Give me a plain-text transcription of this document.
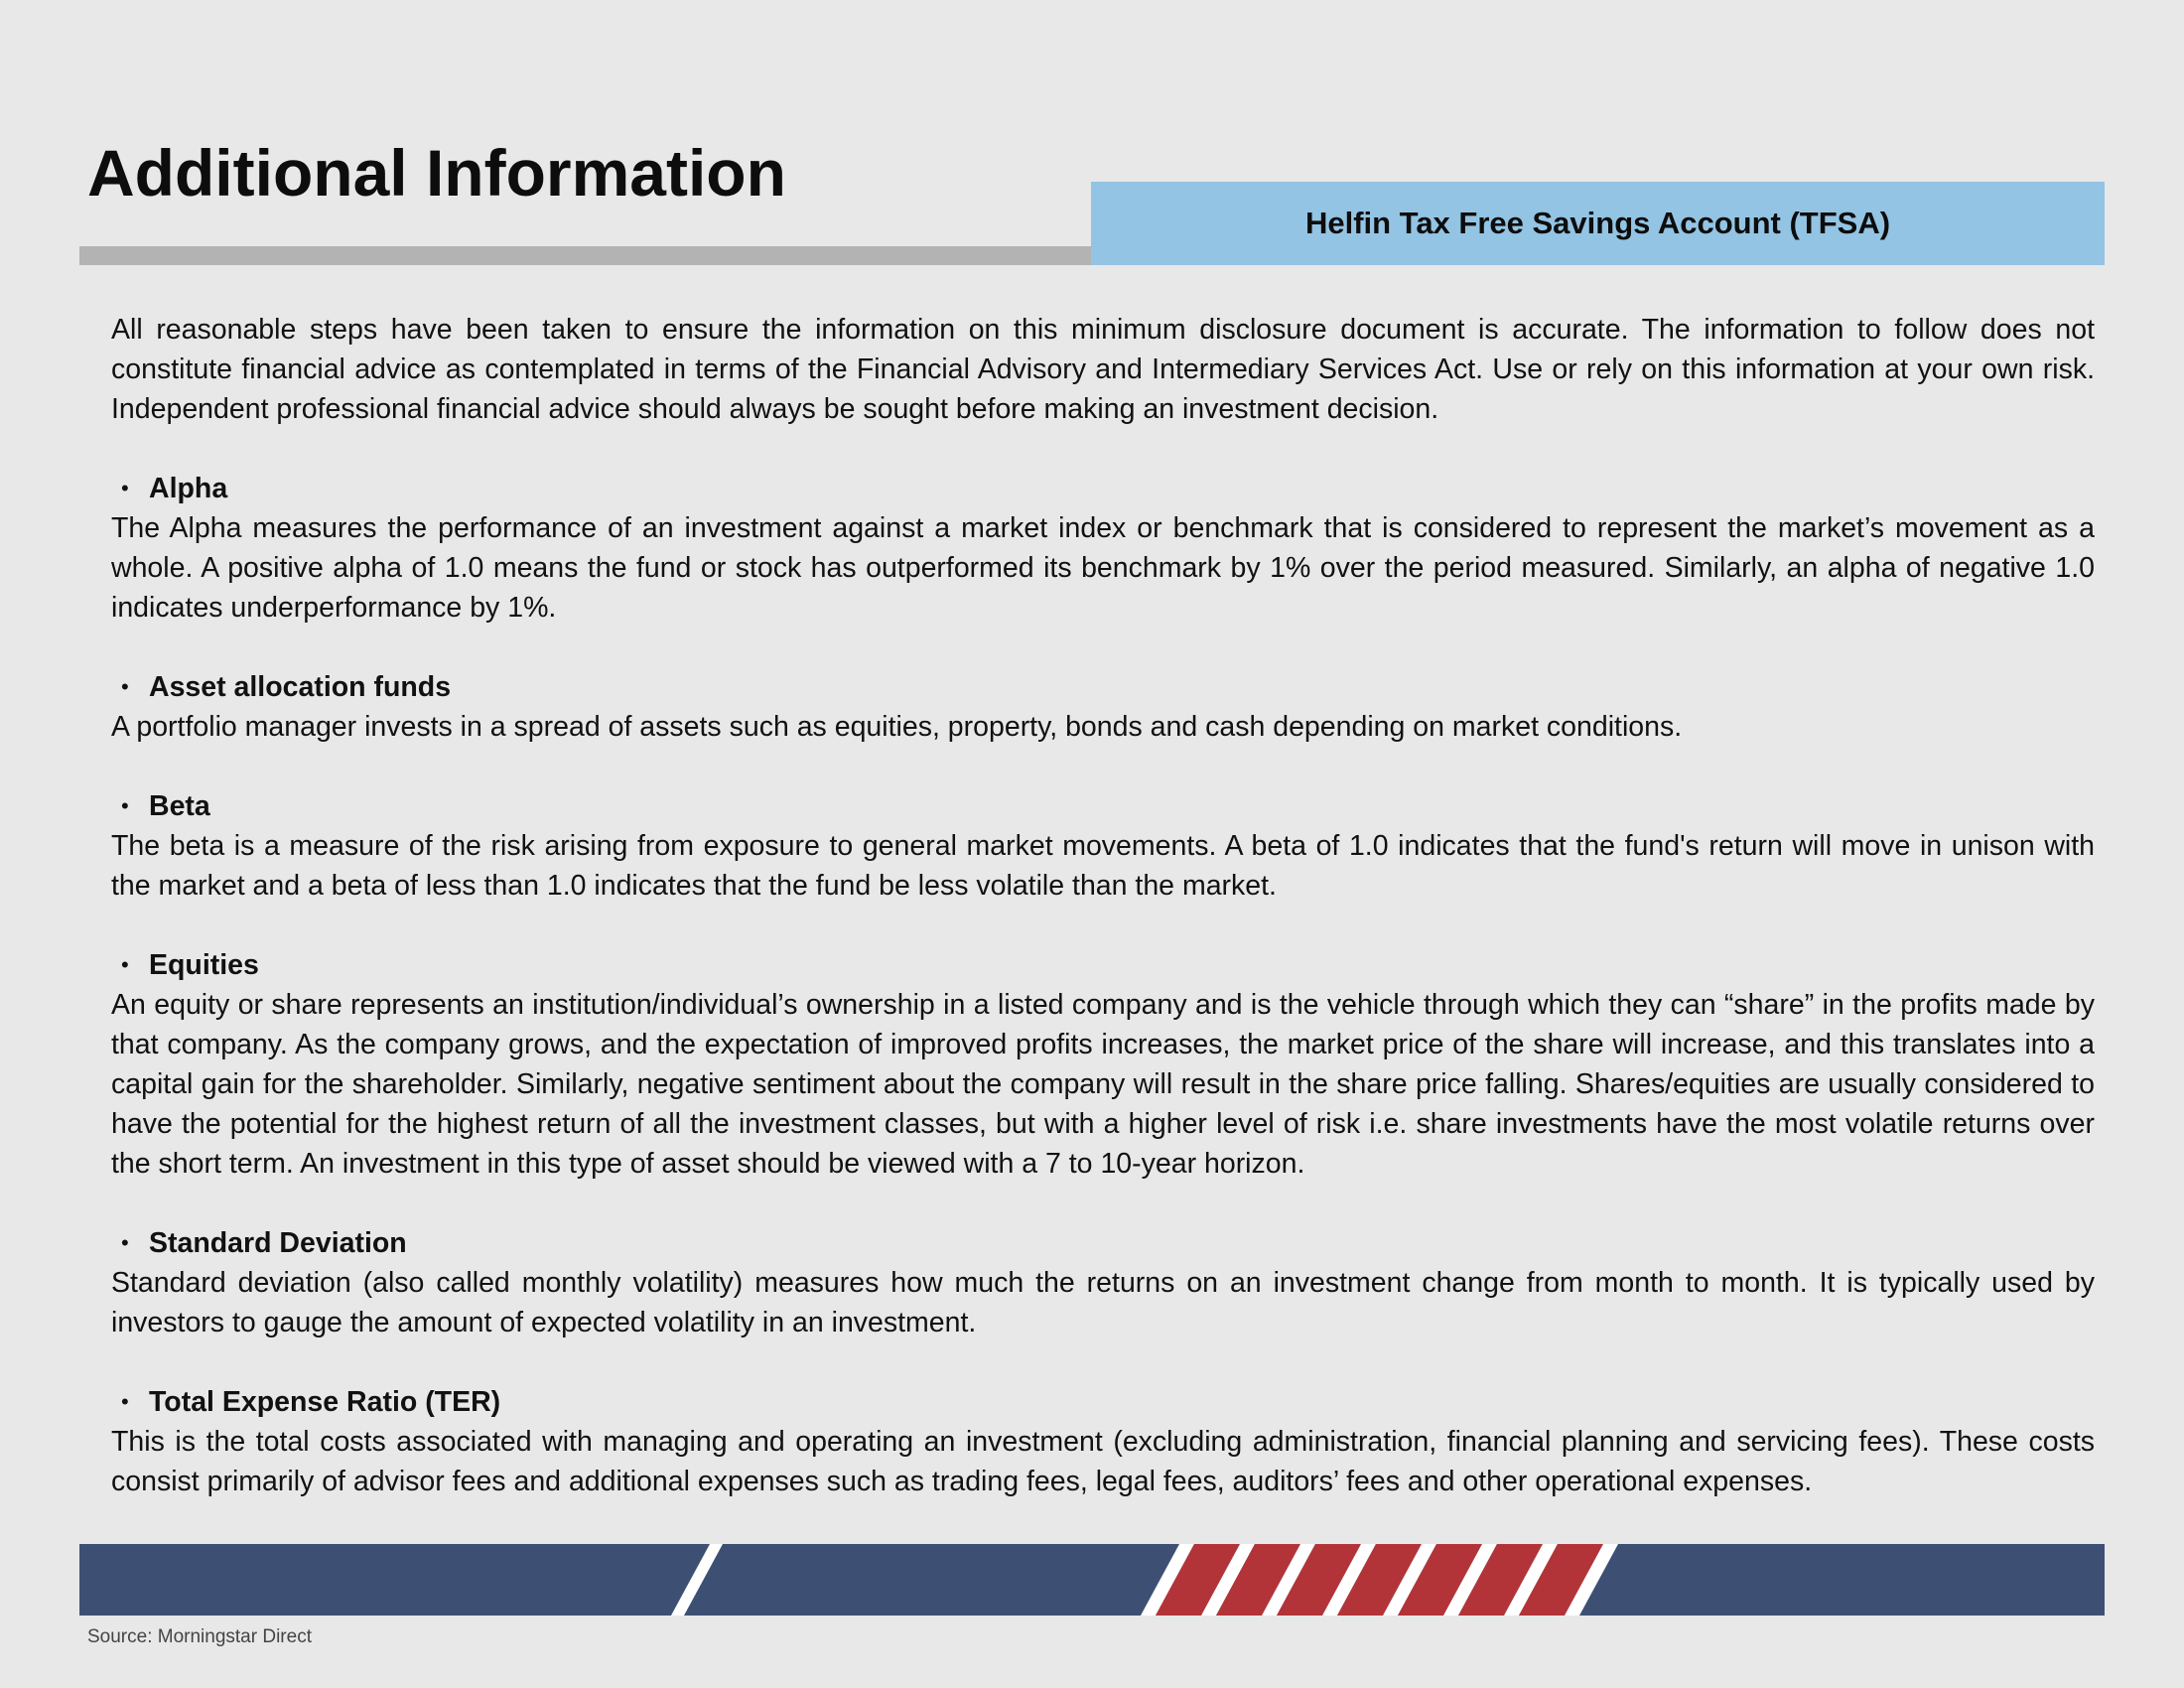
Additional Information
Helfin Tax Free Savings Account (TFSA)

All reasonable steps have been taken to ensure the information on this minimum disclosure document is accurate. The information to follow does not constitute financial advice as contemplated in terms of the Financial Advisory and Intermediary Services Act. Use or rely on this information at your own risk. Independent professional financial advice should always be sought before making an investment decision.

• Alpha

The Alpha measures the performance of an investment against a market index or benchmark that is considered to represent the market’s movement as a whole. A positive alpha of 1.0 means the fund or stock has outperformed its benchmark by 1% over the period measured. Similarly, an alpha of negative 1.0 indicates underperformance by 1%.

• Asset allocation funds

A portfolio manager invests in a spread of assets such as equities, property, bonds and cash depending on market conditions.

• Beta

The beta is a measure of the risk arising from exposure to general market movements. A beta of 1.0 indicates that the fund's return will move in unison with the market and a beta of less than 1.0 indicates that the fund be less volatile than the market.

• Equities

An equity or share represents an institution/individual’s ownership in a listed company and is the vehicle through which they can “share” in the profits made by that company. As the company grows, and the expectation of improved profits increases, the market price of the share will increase, and this translates into a capital gain for the shareholder. Similarly, negative sentiment about the company will result in the share price falling. Shares/equities are usually considered to have the potential for the highest return of all the investment classes, but with a higher level of risk i.e. share investments have the most volatile returns over the short term. An investment in this type of asset should be viewed with a 7 to 10-year horizon.

• Standard Deviation

Standard deviation (also called monthly volatility) measures how much the returns on an investment change from month to month. It is typically used by investors to gauge the amount of expected volatility in an investment.

• Total Expense Ratio (TER)

This is the total costs associated with managing and operating an investment (excluding administration, financial planning and servicing fees). These costs consist primarily of advisor fees and additional expenses such as trading fees, legal fees, auditors’ fees and other operational expenses.

Source: Morningstar Direct
